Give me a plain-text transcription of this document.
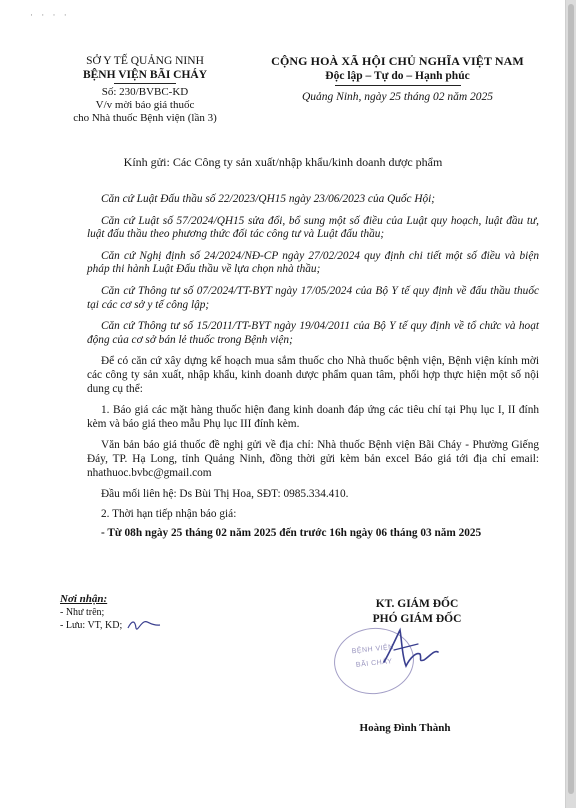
· · · ·
SỞ Y TẾ QUẢNG NINH
BỆNH VIỆN BÃI CHÁY
Số: 230/BVBC-KD
V/v mời báo giá thuốc
cho Nhà thuốc Bệnh viện (lần 3)
CỘNG HOÀ XÃ HỘI CHỦ NGHĨA VIỆT NAM
Độc lập – Tự do – Hạnh phúc
Quảng Ninh, ngày 25 tháng 02 năm 2025
Kính gửi: Các Công ty sản xuất/nhập khẩu/kinh doanh dược phẩm

Căn cứ Luật Đấu thầu số 22/2023/QH15 ngày 23/06/2023 của Quốc Hội;

Căn cứ Luật số 57/2024/QH15 sửa đổi, bổ sung một số điều của Luật quy hoạch, luật đầu tư, luật đấu thầu theo phương thức đối tác công tư và Luật đấu thầu;

Căn cứ Nghị định số 24/2024/NĐ-CP ngày 27/02/2024 quy định chi tiết một số điều và biện pháp thi hành Luật Đấu thầu về lựa chọn nhà thầu;

Căn cứ Thông tư số 07/2024/TT-BYT ngày 17/05/2024 của Bộ Y tế quy định về đấu thầu thuốc tại các cơ sở y tế công lập;

Căn cứ Thông tư số 15/2011/TT-BYT ngày 19/04/2011 của Bộ Y tế quy định về tổ chức và hoạt động của cơ sở bán lẻ thuốc trong Bệnh viện;

Để có căn cứ xây dựng kế hoạch mua sắm thuốc cho Nhà thuốc bệnh viện, Bệnh viện kính mời các công ty sản xuất, nhập khẩu, kinh doanh dược phẩm quan tâm, phối hợp thực hiện một số nội dung cụ thể:

1. Báo giá các mặt hàng thuốc hiện đang kinh doanh đáp ứng các tiêu chí tại Phụ lục I, II đính kèm và báo giá theo mẫu Phụ lục III đính kèm.

Văn bản báo giá thuốc đề nghị gửi về địa chỉ: Nhà thuốc Bệnh viện Bãi Cháy - Phường Giếng Đáy, TP. Hạ Long, tỉnh Quảng Ninh, đồng thời gửi kèm bản excel Báo giá tới địa chỉ email: nhathuoc.bvbc@gmail.com

Đầu mối liên hệ: Ds Bùi Thị Hoa, SĐT: 0985.334.410.

2. Thời hạn tiếp nhận báo giá:

- Từ 08h ngày 25 tháng 02 năm 2025 đến trước 16h ngày 06 tháng 03 năm 2025

Nơi nhận:
- Như trên;
- Lưu: VT, KD;
KT. GIÁM ĐỐC
PHÓ GIÁM ĐỐC
BỆNH VIỆN
BÃI CHÁY
Hoàng Đình Thành
